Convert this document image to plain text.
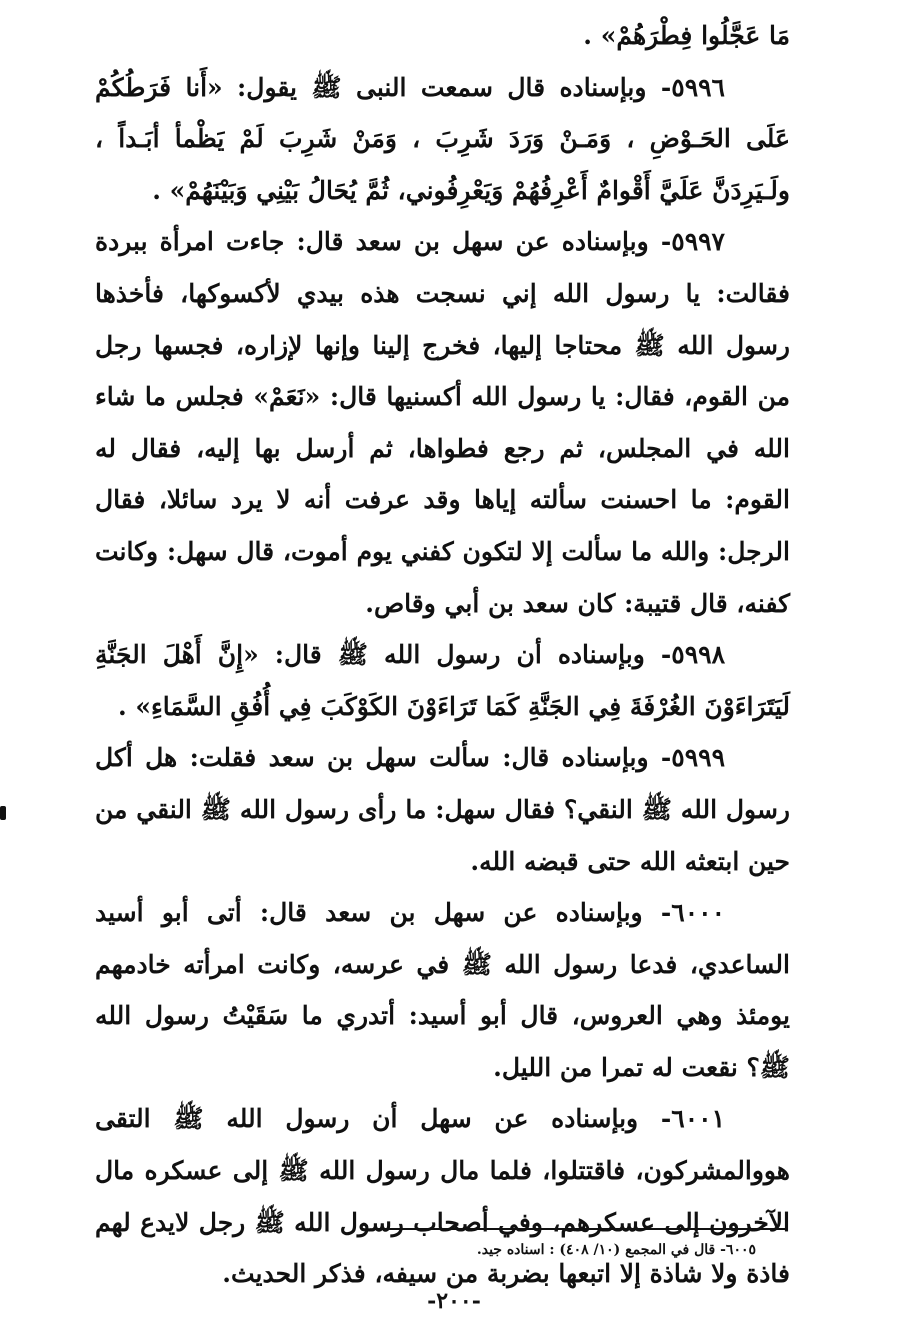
مَا عَجَّلُوا فِطْرَهُمْ» .

٥٩٩٦- وبإسناده قال سمعت النبى ﷺ يقول: «أَنا فَرَطُكُمْ عَلَى الحَـوْضِ ، وَمَـنْ وَرَدَ شَرِبَ ، وَمَنْ شَرِبَ لَمْ يَظْمأ أبَـداً ، ولَـيَرِدَنَّ عَلَيَّ أَقْوامٌ أَعْرِفُهُمْ وَيَعْرِفُوني، ثُمَّ يُحَالُ بَيْنِي وَبَيْنَهُمْ» .

٥٩٩٧- وبإسناده عن سهل بن سعد قال: جاءت امرأة ببردة فقالت: يا رسول الله إني نسجت هذه بيدي لأكسوكها، فأخذها رسول الله ﷺ محتاجا إليها، فخرج إلينا وإنها لإزاره، فجسها رجل من القوم، فقال: يا رسول الله أكسنيها قال: «نَعَمْ» فجلس ما شاء الله في المجلس، ثم رجع فطواها، ثم أرسل بها إليه، فقال له القوم: ما احسنت سألته إياها وقد عرفت أنه لا يرد سائلا، فقال الرجل: والله ما سألت إلا لتكون كفني يوم أموت، قال سهل: وكانت كفنه، قال قتيبة: كان سعد بن أبي وقاص.

٥٩٩٨- وبإسناده أن رسول الله ﷺ قال: «إِنَّ أَهْلَ الجَنَّةِ لَيَتَرَاءَوْنَ الغُرْفَةَ فِي الجَنَّةِ كَمَا تَرَاءَوْنَ الكَوْكَبَ فِي أُفُقِ السَّمَاءِ» .

٥٩٩٩- وبإسناده قال: سألت سهل بن سعد فقلت: هل أكل رسول الله ﷺ النقي؟ فقال سهل: ما رأى رسول الله ﷺ النقي من حين ابتعثه الله حتى قبضه الله.

٦٠٠٠- وبإسناده عن سهل بن سعد قال: أتى أبو أسيد الساعدي، فدعا رسول الله ﷺ في عرسه، وكانت امرأته خادمهم يومئذ وهي العروس، قال أبو أسيد: أتدري ما سَقَيْتُ رسول الله ﷺ؟ نقعت له تمرا من الليل.

٦٠٠١- وبإسناده عن سهل أن رسول الله ﷺ التقى هووالمشركون، فاقتتلوا، فلما مال رسول الله ﷺ إلى عسكره مال الآخرون إلى عسكرهم، وفي أصحاب رسول الله ﷺ رجل لايدع لهم فاذة ولا شاذة إلا اتبعها بضربة من سيفه، فذكر الحديث.

٦٠٠٥- قال في المجمع (١٠/ ٤٠٨) : اسناده جيد.
-٢٠٠-
